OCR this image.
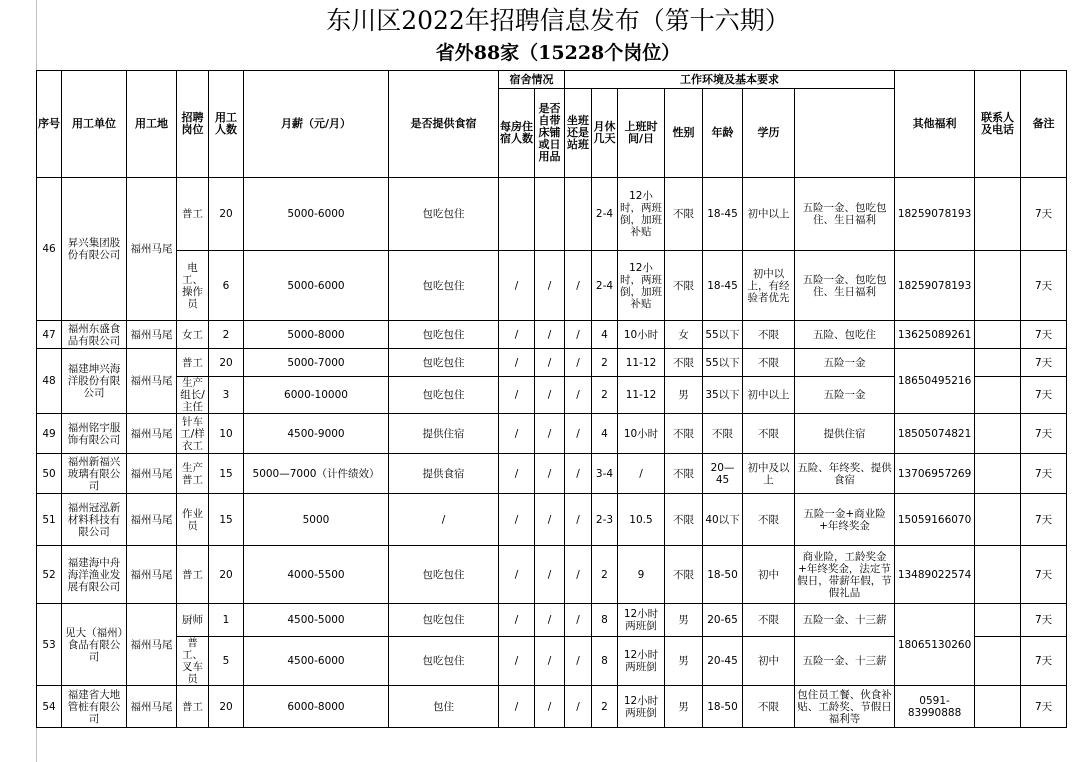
东川区2022年招聘信息发布（第十六期）
省外88家（15228个岗位）
序号	用工单位	用工地	招聘岗位	用工人数	月薪（元/月）	是否提供食宿	宿舍情况		工作环境及基本要求							其他福利	联系人及电话	备注	
							每房住宿人数	是否自带床铺或日用品	坐班还是站班	月休几天	上班时间/日	性别	年龄	学历					
46	昇兴集团股份有限公司	福州马尾	普工	20	5000-6000	包吃包住				2-4	12小时，两班倒，加班补贴	不限	18-45	初中以上	五险一金、包吃包住、生日福利	18259078193		7天	
			电工、操作员	6	5000-6000	包吃包住	/	/	/	2-4	12小时，两班倒，加班补贴	不限	18-45	初中以上，有经验者优先	五险一金、包吃包住、生日福利	18259078193		7天	
47	福州东盛食品有限公司	福州马尾	女工	2	5000-8000	包吃包住	/	/	/	4	10小时	女	55以下	不限	五险、包吃住	13625089261		7天	
48	福建坤兴海洋股份有限公司	福州马尾	普工	20	5000-7000	包吃包住	/	/	/	2	11-12	不限	55以下	不限	五险一金	18650495216		7天	
			生产组长/主任	3	6000-10000	包吃包住	/	/	/	2	11-12	男	35以下	初中以上	五险一金			7天	
49	福州铭宇服饰有限公司	福州马尾	针车工/样衣工	10	4500-9000	提供住宿	/	/	/	4	10小时	不限	不限	不限	提供住宿	18505074821		7天	
50	福州新福兴玻璃有限公司	福州马尾	生产普工	15	5000—7000（计件绩效）	提供食宿	/	/	/	3-4	/	不限	20—45	初中及以上	五险、年终奖、提供食宿	13706957269		7天	
51	福州冠泓新材料科技有限公司	福州马尾	作业员	15	5000	/	/	/	/	2-3	10.5	不限	40以下	不限	五险一金+商业险+年终奖金	15059166070		7天	
52	福建海中舟海洋渔业发展有限公司	福州马尾	普工	20	4000-5500	包吃包住	/	/	/	2	9	不限	18-50	初中	商业险，工龄奖金+年终奖金，法定节假日，带薪年假，节假礼品	13489022574		7天	
53	见大（福州）食品有限公司	福州马尾	厨师	1	4500-5000	包吃包住	/	/	/	8	12小时两班倒	男	20-65	不限	五险一金、十三薪	18065130260		7天	
			普工、叉车员	5	4500-6000	包吃包住	/	/	/	8	12小时两班倒	男	20-45	初中	五险一金、十三薪			7天	
54	福建省大地管桩有限公司	福州马尾	普工	20	6000-8000	包住	/	/	/	2	12小时两班倒	男	18-50	不限	包住员工餐、伙食补贴、工龄奖、节假日福利等	0591-83990888		7天	
